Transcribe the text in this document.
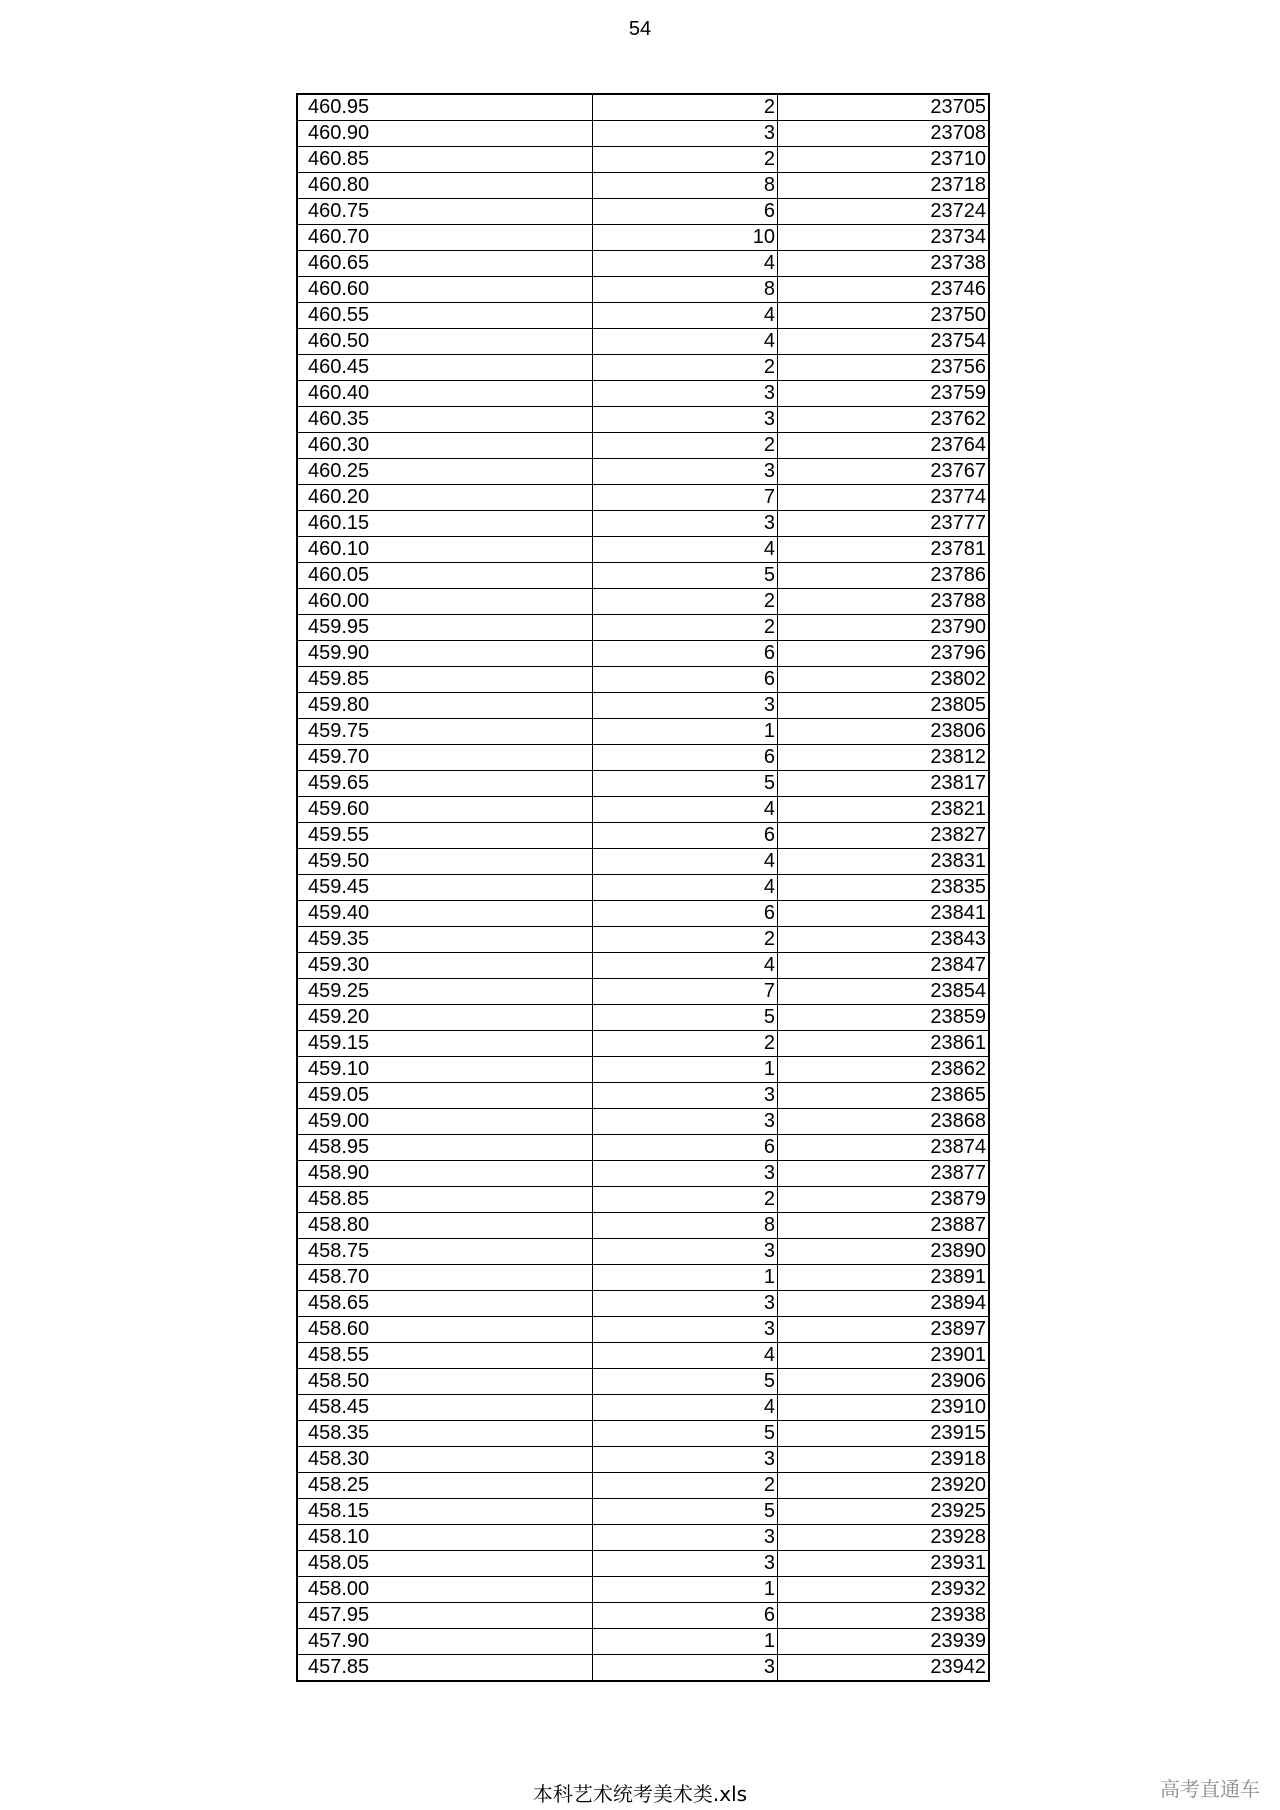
54
460.95	2	23705
460.90	3	23708
460.85	2	23710
460.80	8	23718
460.75	6	23724
460.70	10	23734
460.65	4	23738
460.60	8	23746
460.55	4	23750
460.50	4	23754
460.45	2	23756
460.40	3	23759
460.35	3	23762
460.30	2	23764
460.25	3	23767
460.20	7	23774
460.15	3	23777
460.10	4	23781
460.05	5	23786
460.00	2	23788
459.95	2	23790
459.90	6	23796
459.85	6	23802
459.80	3	23805
459.75	1	23806
459.70	6	23812
459.65	5	23817
459.60	4	23821
459.55	6	23827
459.50	4	23831
459.45	4	23835
459.40	6	23841
459.35	2	23843
459.30	4	23847
459.25	7	23854
459.20	5	23859
459.15	2	23861
459.10	1	23862
459.05	3	23865
459.00	3	23868
458.95	6	23874
458.90	3	23877
458.85	2	23879
458.80	8	23887
458.75	3	23890
458.70	1	23891
458.65	3	23894
458.60	3	23897
458.55	4	23901
458.50	5	23906
458.45	4	23910
458.35	5	23915
458.30	3	23918
458.25	2	23920
458.15	5	23925
458.10	3	23928
458.05	3	23931
458.00	1	23932
457.95	6	23938
457.90	1	23939
457.85	3	23942
本科艺术统考美术类.xls	高考直通车
